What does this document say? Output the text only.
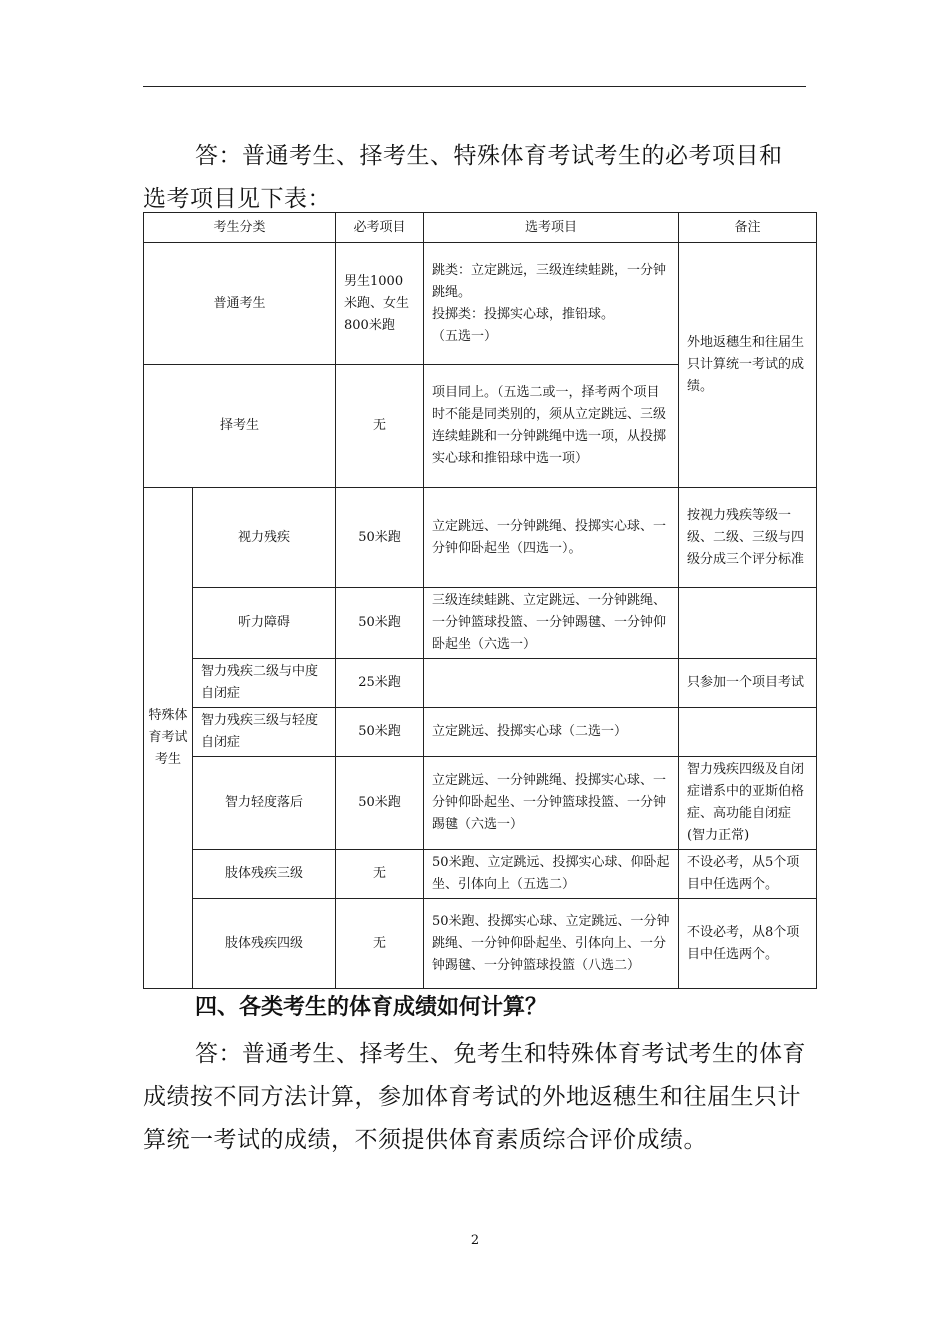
答：普通考生、择考生、特殊体育考试考生的必考项目和
选考项目见下表：

考生分类		必考项目	选考项目	备注
普通考生		男生1000米跑、女生800米跑	跳类：立定跳远，三级连续蛙跳，一分钟跳绳。
投掷类：投掷实心球，推铅球。
（五选一）	外地返穗生和往届生只计算统一考试的成绩。
择考生		无	项目同上。（五选二或一，择考两个项目时不能是同类别的，须从立定跳远、三级连续蛙跳和一分钟跳绳中选一项，从投掷实心球和推铅球中选一项）	
特殊体育考试考生	视力残疾	50米跑	立定跳远、一分钟跳绳、投掷实心球、一分钟仰卧起坐（四选一）。	按视力残疾等级一级、二级、三级与四级分成三个评分标准
	听力障碍	50米跑	三级连续蛙跳、立定跳远、一分钟跳绳、一分钟篮球投篮、一分钟踢毽、一分钟仰卧起坐（六选一）	
	智力残疾二级与中度自闭症	25米跑		只参加一个项目考试
	智力残疾三级与轻度自闭症	50米跑	立定跳远、投掷实心球（二选一）	
	智力轻度落后	50米跑	立定跳远、一分钟跳绳、投掷实心球、一分钟仰卧起坐、一分钟篮球投篮、一分钟踢毽（六选一）	智力残疾四级及自闭症谱系中的亚斯伯格症、高功能自闭症(智力正常)
	肢体残疾三级	无	50米跑、立定跳远、投掷实心球、仰卧起坐、引体向上（五选二）	不设必考，从5个项目中任选两个。
	肢体残疾四级	无	50米跑、投掷实心球、立定跳远、一分钟跳绳、一分钟仰卧起坐、引体向上、一分钟踢毽、一分钟篮球投篮（八选二）	不设必考，从8个项目中任选两个。
四、各类考生的体育成绩如何计算？

答：普通考生、择考生、免考生和特殊体育考试考生的体育成绩按不同方法计算，参加体育考试的外地返穗生和往届生只计算统一考试的成绩，不须提供体育素质综合评价成绩。

2
